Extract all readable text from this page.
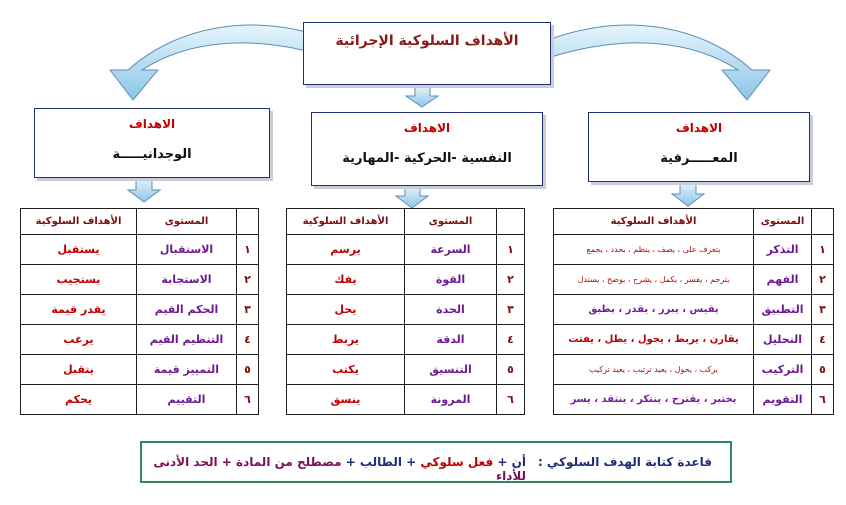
الأهداف السلوكية الإجرائية
الاهداف
الوجدانيـــــة
الاهداف
النفسية -الحركية -المهارية
الاهداف
المعـــــرفية
	المستوى	الأهداف السلوكية
١	التذكر	يتعرف على ، يصف ، ينظم ، يحدد ، يجمع
٢	الفهم	يترجم ، يفسر ، يكمل ، يشرح ، يوضح ، يستدل
٣	التطبيق	يقيس ، يبرر ، يقدر ، يطبق
٤	التحليل	يقارن ، يربط ، يحول ، يطل ، يفتت
٥	التركيب	يركب ، يحول ، يعيد ترتيب ، يعيد تركيب
٦	التقويم	يختبر ، يقترح ، ينتكر ، ينتقد ، يسر
	المستوى	الأهداف السلوكية
١	السرعة	يرسم
٢	القوة	يفك
٣	الحدة	يحل
٤	الدقة	يربط
٥	التنسيق	يكتب
٦	المرونة	ينسق
	المستوى	الأهداف السلوكية
١	الاستقبال	يستقبل
٢	الاستجابة	يستجيب
٣	الحكم القيم	يقدر قيمة
٤	التنظيم القيم	يرغب
٥	التمييز قيمة	يتقبل
٦	التقييم	يحكم
قاعدة كتابة الهدف السلوكي :
أن + فعل سلوكي + الطالب + مصطلح من المادة + الحد الأدنى للأداء
